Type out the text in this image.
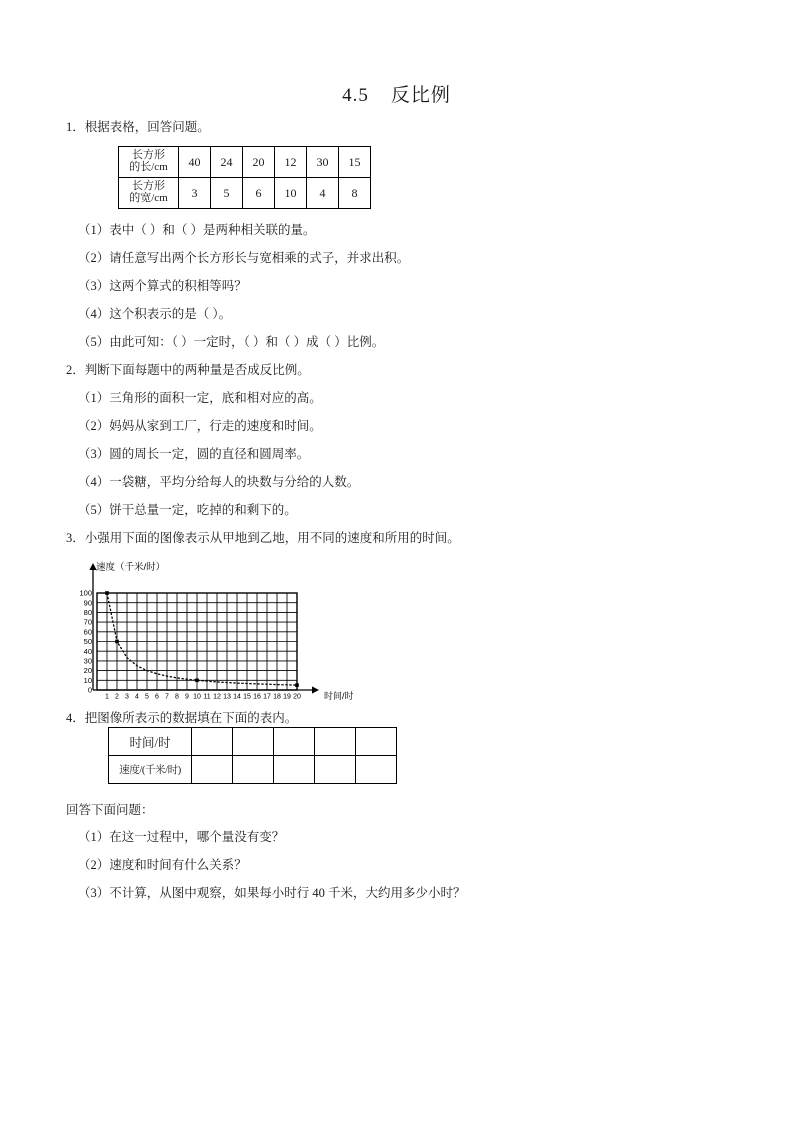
4.5 反比例
1．根据表格，回答问题。
长方形
的长/cm	40	24	20	12	30	15

长方形
的宽/cm	3	5	6	10	4	8
（1）表中（ ）和（ ）是两种相关联的量。
（2）请任意写出两个长方形长与宽相乘的式子，并求出积。
（3）这两个算式的积相等吗？
（4）这个积表示的是（ ）。
（5）由此可知：（ ）一定时，（ ）和（ ）成（ ）比例。
2．判断下面每题中的两种量是否成反比例。
（1）三角形的面积一定，底和相对应的高。
（2）妈妈从家到工厂，行走的速度和时间。
（3）圆的周长一定，圆的直径和圆周率。
（4）一袋糖，平均分给每人的块数与分给的人数。
（5）饼干总量一定，吃掉的和剩下的。
3．小强用下面的图像表示从甲地到乙地，用不同的速度和所用的时间。
速度（千米/时）
0
10
20
30
40
50
60
70
80
90
100
1 2 3 4 5 6 7 8 9 10 11 12 13 14 15 16 17 18 19 20	时间/时
4．把图像所表示的数据填在下面的表内。
时间/时					
速度/(千米/时)					
回答下面问题：
（1）在这一过程中，哪个量没有变？
（2）速度和时间有什么关系？
（3）不计算，从图中观察，如果每小时行 40 千米，大约用多少小时？
